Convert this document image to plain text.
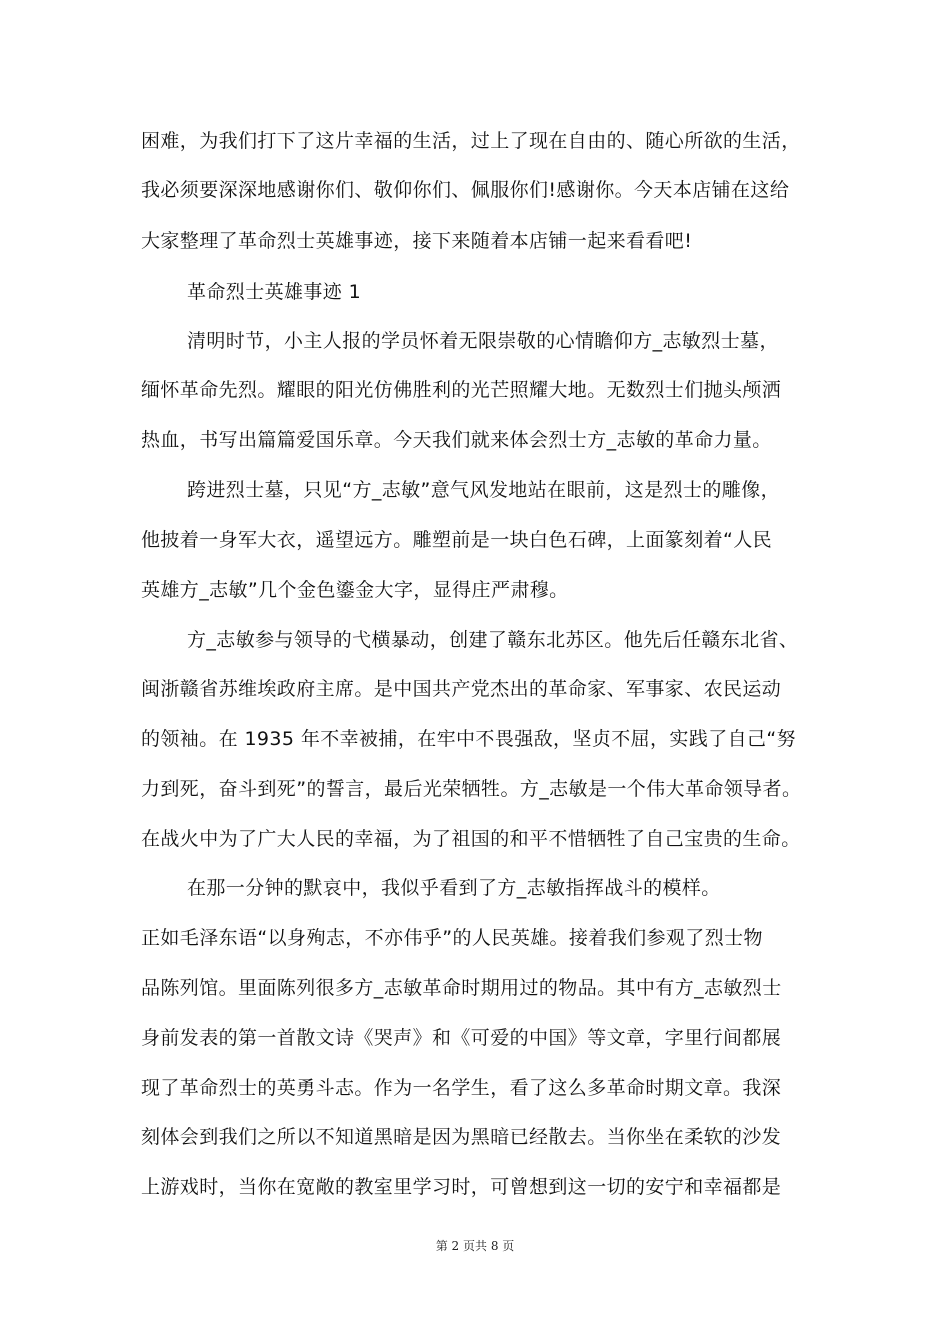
困难，为我们打下了这片幸福的生活，过上了现在自由的、随心所欲的生活，
我必须要深深地感谢你们、敬仰你们、佩服你们!感谢你。今天本店铺在这给
大家整理了革命烈士英雄事迹，接下来随着本店铺一起来看看吧!
革命烈士英雄事迹 1
清明时节，小主人报的学员怀着无限崇敬的心情瞻仰方_志敏烈士墓，
缅怀革命先烈。耀眼的阳光仿佛胜利的光芒照耀大地。无数烈士们抛头颅洒
热血，书写出篇篇爱国乐章。今天我们就来体会烈士方_志敏的革命力量。
跨进烈士墓，只见“方_志敏”意气风发地站在眼前，这是烈士的雕像，
他披着一身军大衣，遥望远方。雕塑前是一块白色石碑，上面篆刻着“人民
英雄方_志敏”几个金色鎏金大字，显得庄严肃穆。
方_志敏参与领导的弋横暴动，创建了赣东北苏区。他先后任赣东北省、
闽浙赣省苏维埃政府主席。是中国共产党杰出的革命家、军事家、农民运动
的领袖。在 1935 年不幸被捕，在牢中不畏强敌，坚贞不屈，实践了自己“努
力到死，奋斗到死”的誓言，最后光荣牺牲。方_志敏是一个伟大革命领导者。
在战火中为了广大人民的幸福，为了祖国的和平不惜牺牲了自己宝贵的生命。
在那一分钟的默哀中，我似乎看到了方_志敏指挥战斗的模样。
正如毛泽东语“以身殉志，不亦伟乎”的人民英雄。接着我们参观了烈士物
品陈列馆。里面陈列很多方_志敏革命时期用过的物品。其中有方_志敏烈士
身前发表的第一首散文诗《哭声》和《可爱的中国》等文章，字里行间都展
现了革命烈士的英勇斗志。作为一名学生，看了这么多革命时期文章。我深
刻体会到我们之所以不知道黑暗是因为黑暗已经散去。当你坐在柔软的沙发
上游戏时，当你在宽敞的教室里学习时，可曾想到这一切的安宁和幸福都是
第 2 页共 8 页
